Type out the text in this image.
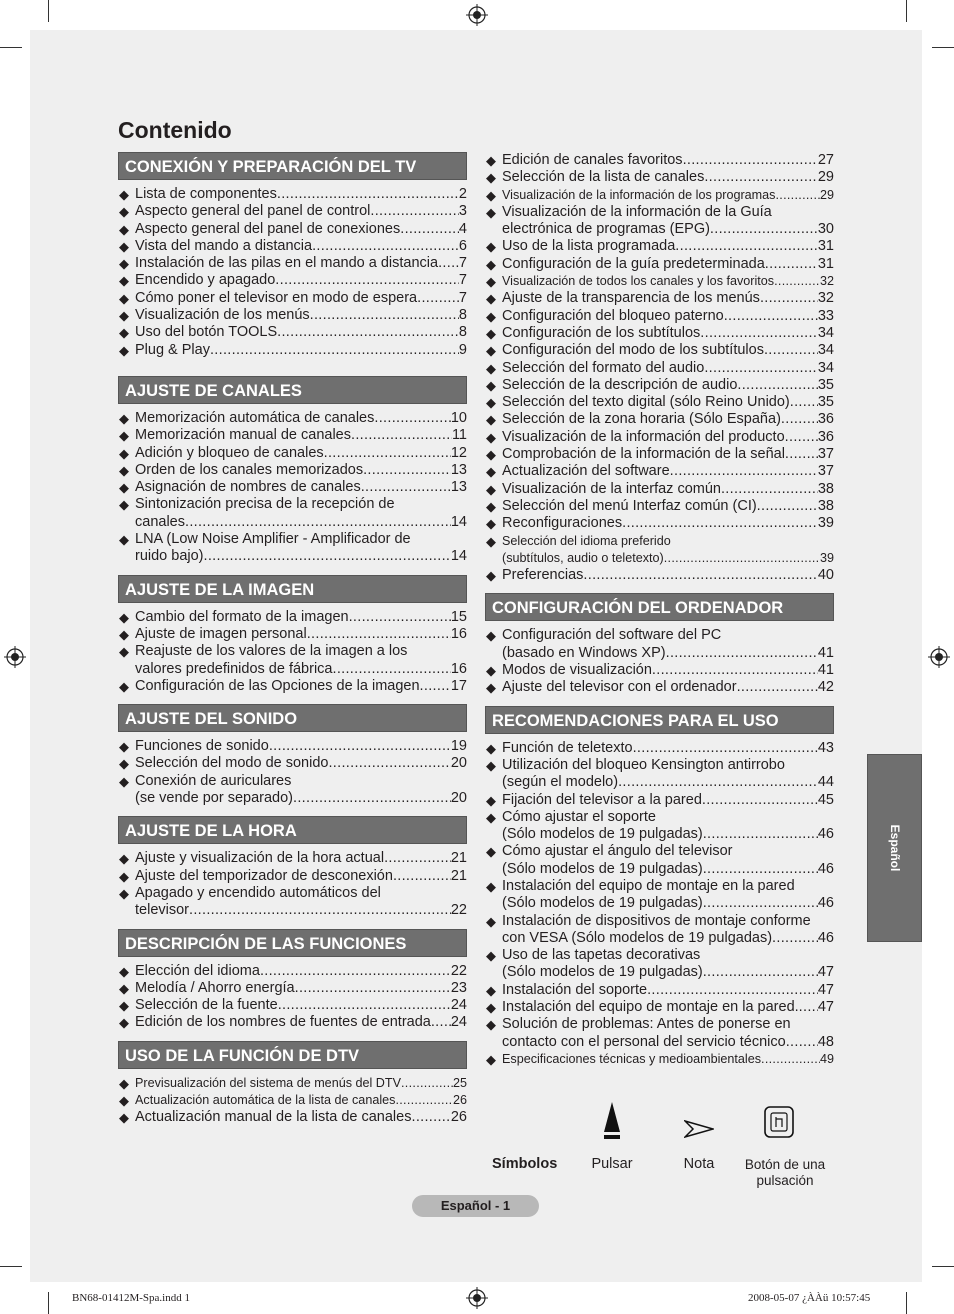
Contenido
CONEXIÓN Y PREPARACIÓN DEL TV
◆ Lista de componentes .....	2
◆ Aspecto general del panel de control .....	3
◆ Aspecto general del panel de conexiones .....	4
◆ Vista del mando a distancia .....	6
◆ Instalación de las pilas en el mando a distancia ..... 7
◆ Encendido y apagado .....	7
◆ Cómo poner el televisor en modo de espera .....	7
◆ Visualización de los menús .....	8
◆ Uso del botón TOOLS .....	8
◆ Plug & Play .....	9
AJUSTE DE CANALES
◆ Memorización automática de canales .....	10
◆ Memorización manual de canales .....	11
◆ Adición y bloqueo de canales .....	12
◆ Orden de los canales memorizados .....	13
◆ Asignación de nombres de canales .....	13
◆ Sintonización precisa de la recepción de
canales .....	14
◆ LNA (Low Noise Amplifier - Amplificador de
ruido bajo) .....	14
AJUSTE DE LA IMAGEN
◆ Cambio del formato de la imagen .....	15
◆ Ajuste de imagen personal .....	16
◆ Reajuste de los valores de la imagen a los
valores predefinidos de fábrica .....	16
◆ Configuración de las Opciones de la imagen ..... 17
AJUSTE DEL SONIDO
◆ Funciones de sonido .....	19
◆ Selección del modo de sonido .....	20
◆ Conexión de auriculares
(se vende por separado) .....	20
AJUSTE DE LA HORA
◆ Ajuste y visualización de la hora actual .....	21
◆ Ajuste del temporizador de desconexión .....	21
◆ Apagado y encendido automáticos del
televisor .....	22
DESCRIPCIÓN DE LAS FUNCIONES
◆ Elección del idioma .....	22
◆ Melodía / Ahorro energía .....	23
◆ Selección de la fuente .....	24
◆ Edición de los nombres de fuentes de entrada ..... 24
USO DE LA FUNCIÓN DE DTV
◆ Previsualización del sistema de menús del DTV .....	25
◆ Actualización automática de la lista de canales .....	26
◆ Actualización manual de la lista de canales .....	26
◆ Edición de canales favoritos .....	27
◆ Selección de la lista de canales .....	29
◆ Visualización de la información de los programas .....	29
◆ Visualización de la información de la Guía
electrónica de programas (EPG) .....	30
◆ Uso de la lista programada .....	31
◆ Configuración de la guía predeterminada .....	31
◆ Visualización de todos los canales y los favoritos .....	32
◆ Ajuste de la transparencia de los menús .....	32
◆ Configuración del bloqueo paterno .....	33
◆ Configuración de los subtítulos .....	34
◆ Configuración del modo de los subtítulos .....	34
◆ Selección del formato del audio .....	34
◆ Selección de la descripción de audio .....	35
◆ Selección del texto digital (sólo Reino Unido) ..... 35
◆ Selección de la zona horaria (Sólo España) .....	36
◆ Visualización de la información del producto ..... 36
◆ Comprobación de la información de la señal ..... 37
◆ Actualización del software .....	37
◆ Visualización de la interfaz común .....	38
◆ Selección del menú Interfaz común (CI) .....	38
◆ Reconfiguraciones .....	39
◆ Selección del idioma preferido
(subtítulos, audio o teletexto) .....	39
◆ Preferencias .....	40
CONFIGURACIÓN DEL ORDENADOR
◆ Configuración del software del PC
(basado en Windows XP) .....	41
◆ Modos de visualización .....	41
◆ Ajuste del televisor con el ordenador .....	42
RECOMENDACIONES PARA EL USO
◆ Función de teletexto .....	43
◆ Utilización del bloqueo Kensington antirrobo
(según el modelo) .....	44
◆ Fijación del televisor a la pared .....	45
◆ Cómo ajustar el soporte
(Sólo modelos de 19 pulgadas) .....	46
◆ Cómo ajustar el ángulo del televisor
(Sólo modelos de 19 pulgadas) .....	46
◆ Instalación del equipo de montaje en la pared
(Sólo modelos de 19 pulgadas) .....	46
◆ Instalación de dispositivos de montaje conforme
con VESA (Sólo modelos de 19 pulgadas) .....	46
◆ Uso de las tapetas decorativas
(Sólo modelos de 19 pulgadas) .....	47
◆ Instalación del soporte .....	47
◆ Instalación del equipo de montaje en la pared. ..... 47
◆ Solución de problemas: Antes de ponerse en
contacto con el personal del servicio técnico ..... 48
◆ Especificaciones técnicas y medioambientales .....	49
Español
Símbolos	Pulsar	Nota	Botón de una
pulsación
Español - 1
BN68-01412M-Spa.indd 1	2008-05-07 ¿ÀÀü 10:57:45
